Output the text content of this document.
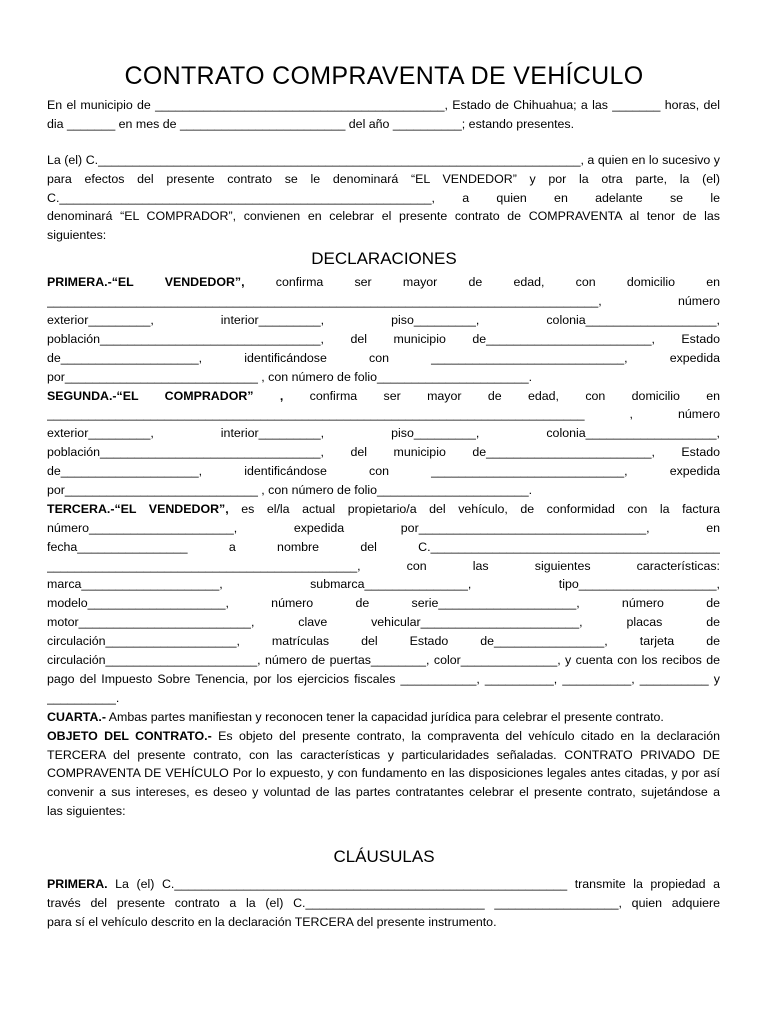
CONTRATO COMPRAVENTA DE VEHÍCULO
En el municipio de __________________________________________, Estado de Chihuahua; a las _______ horas, del
dia _______ en mes de ________________________ del año __________; estando presentes.
La (el) C.______________________________________________________________________, a quien en lo sucesivo y
para efectos del presente contrato se le denominará “EL VENDEDOR” y por la otra parte, la (el)
C.______________________________________________________, a quien en adelante se le
denominará “EL COMPRADOR”, convienen en celebrar el presente contrato de COMPRAVENTA al tenor de las
siguientes:
DECLARACIONES
PRIMERA.-“EL VENDEDOR”,	confirma ser mayor de edad, con domicilio en
________________________________________________________________________________, número
exterior_________, interior_________, piso_________, colonia___________________,
población________________________________, del municipio de________________________, Estado
de____________________, identificándose con ____________________________, expedida
por____________________________ , con número de folio______________________.
SEGUNDA.-“EL COMPRADOR” , confirma ser mayor de edad, con domicilio en
______________________________________________________________________________ , número
exterior_________, interior_________, piso_________, colonia___________________,
población________________________________, del municipio de________________________, Estado
de____________________, identificándose con ____________________________, expedida
por____________________________ , con número de folio______________________.
TERCERA.-“EL VENDEDOR”, es el/la actual propietario/a del vehículo, de conformidad con la factura
número_____________________, expedida por_________________________________, en
fecha________________ a nombre del C.__________________________________________
_____________________________________________, con las siguientes características:
marca____________________, submarca_______________, tipo____________________,
modelo____________________, número de serie____________________, número de
motor_________________________, clave vehicular_______________________, placas de
circulación___________________, matrículas del Estado de________________, tarjeta de
circulación______________________, número de puertas________, color______________, y cuenta con los recibos de
pago del Impuesto Sobre Tenencia, por los ejercicios fiscales ___________, __________, __________, __________ y
__________.
CUARTA.- Ambas partes manifiestan y reconocen tener la capacidad jurídica para celebrar el presente contrato.
OBJETO DEL CONTRATO.- Es objeto del presente contrato, la compraventa del vehículo citado en la declaración
TERCERA del presente contrato, con las características y particularidades señaladas. CONTRATO PRIVADO DE
COMPRAVENTA DE VEHÍCULO Por lo expuesto, y con fundamento en las disposiciones legales antes citadas, y por así
convenir a sus intereses, es deseo y voluntad de las partes contratantes celebrar el presente contrato, sujetándose a
las siguientes:
CLÁUSULAS
PRIMERA. La (el) C._________________________________________________________ transmite la propiedad a
través del presente contrato a la (el) C.__________________________ __________________, quien adquiere
para sí el vehículo descrito en la declaración TERCERA del presente instrumento.
